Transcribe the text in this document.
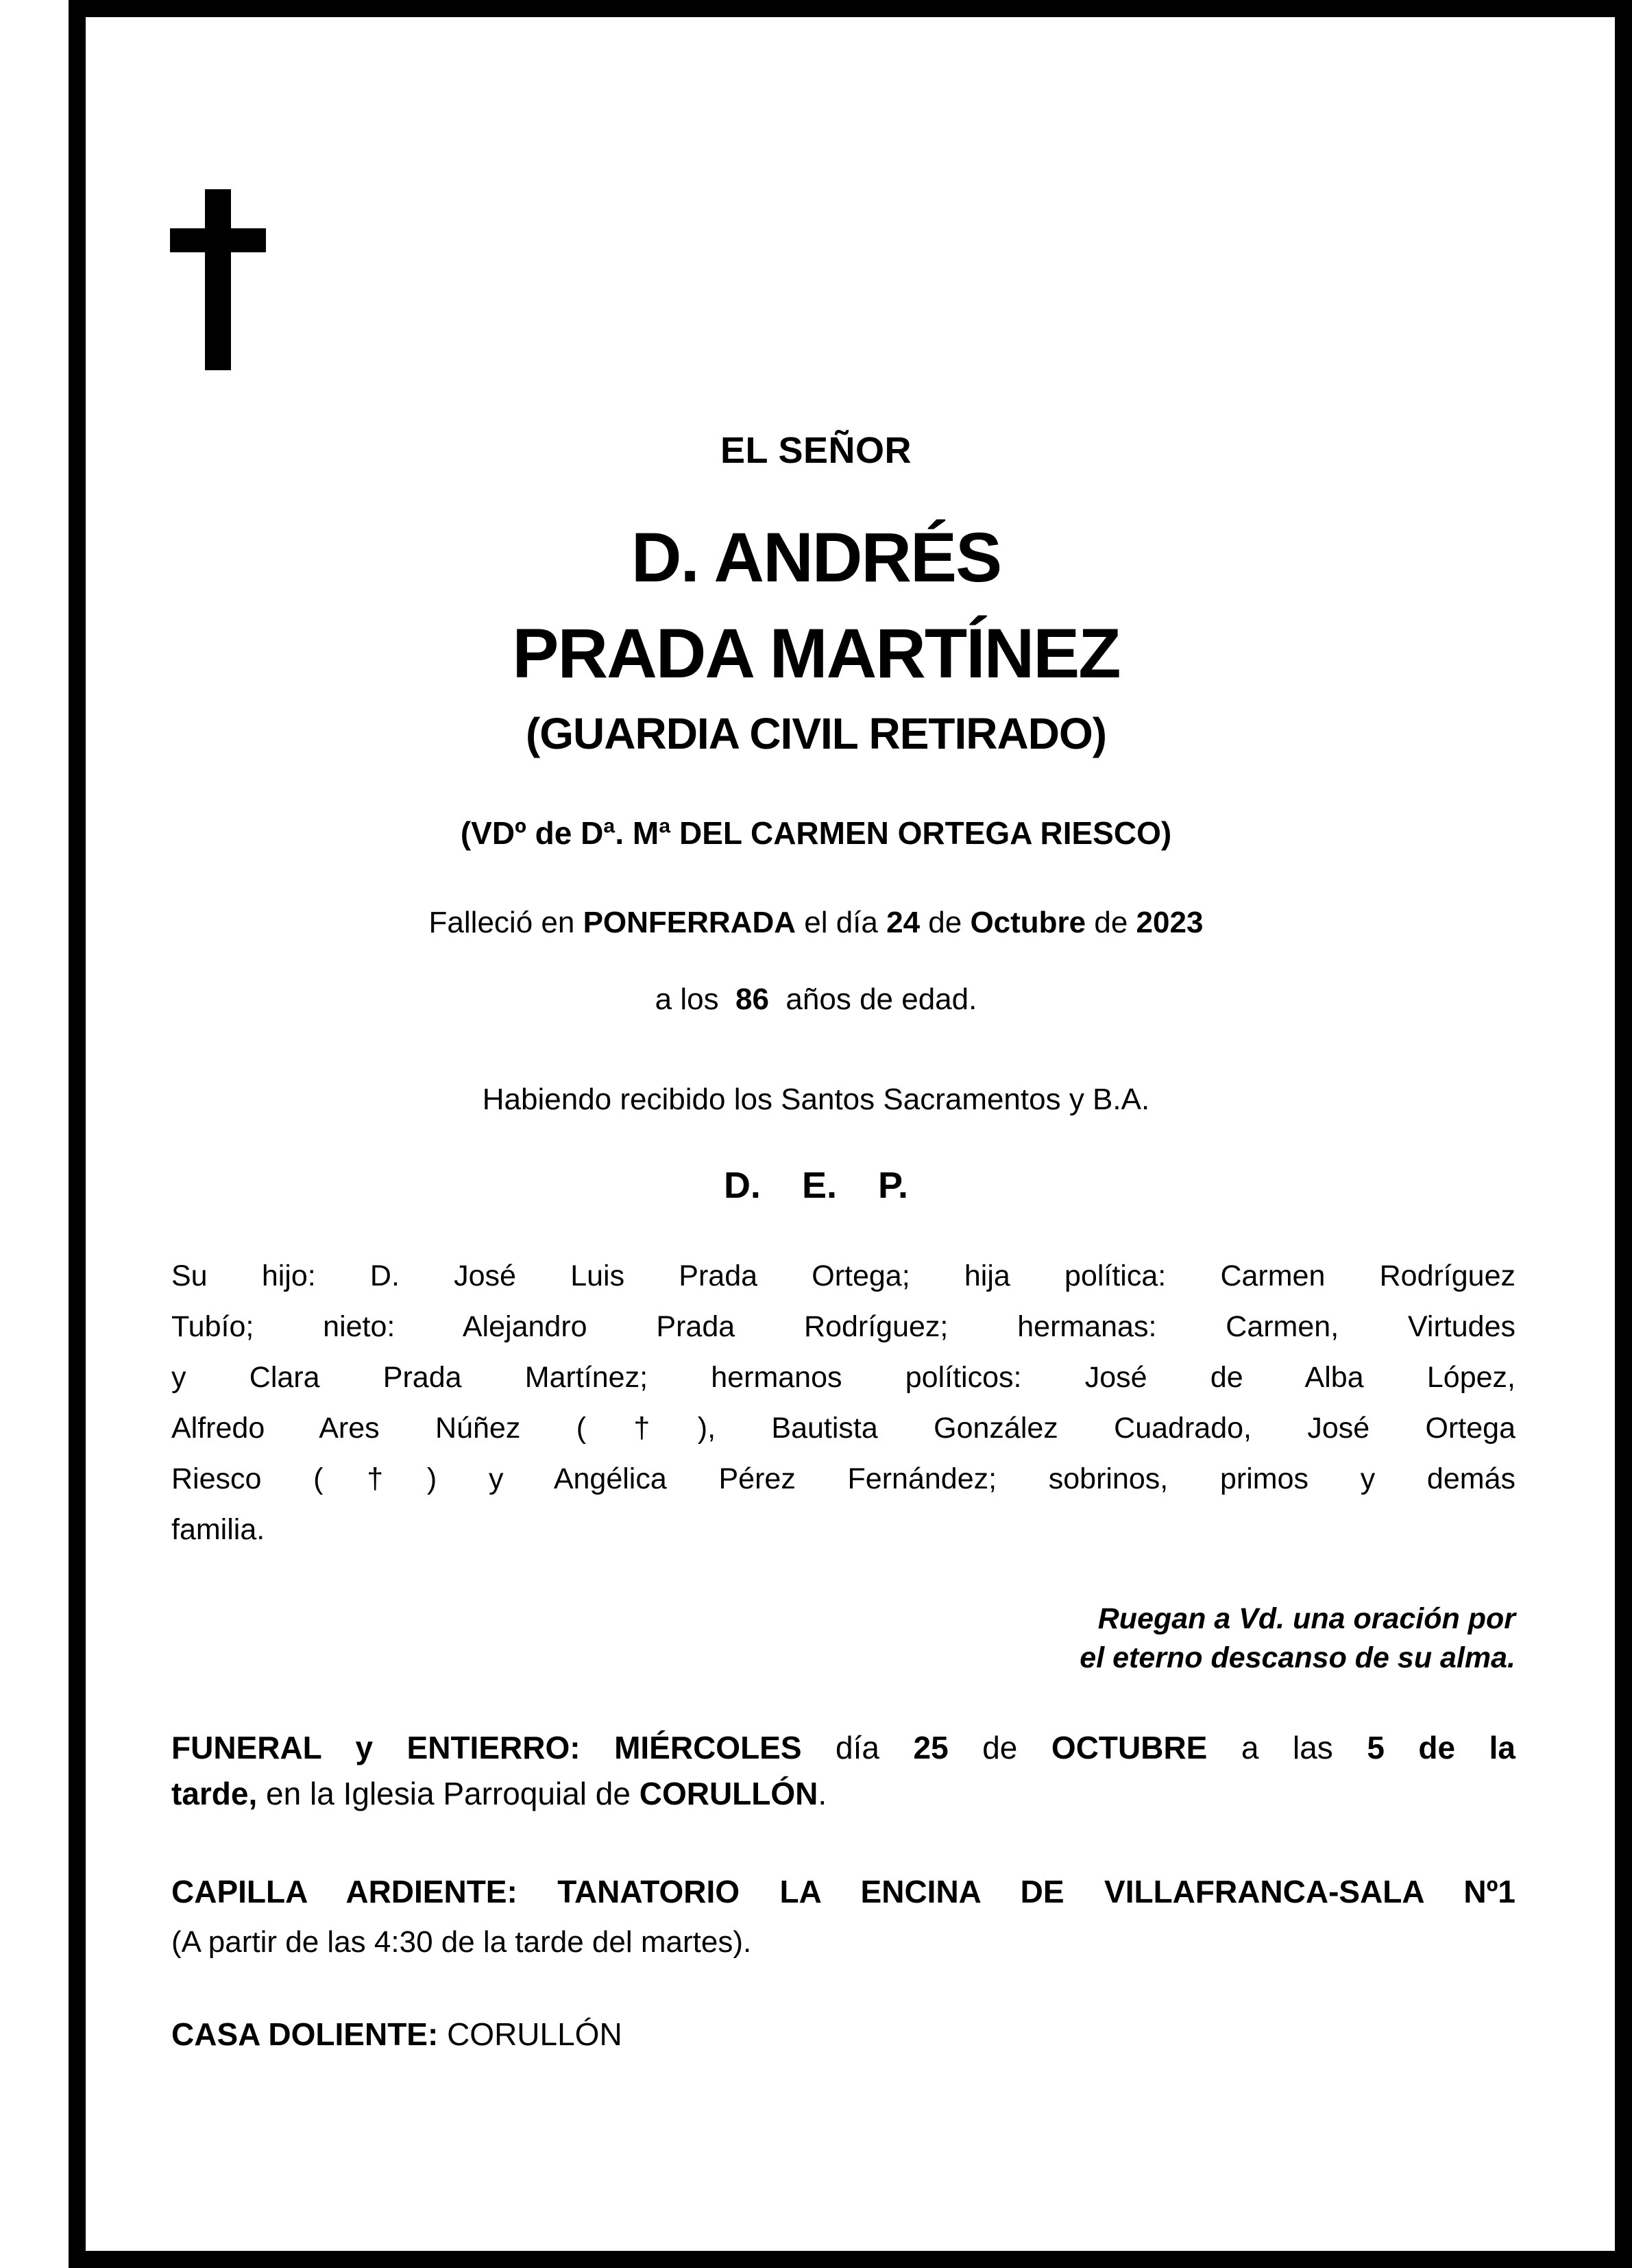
EL SEÑOR
D. ANDRÉS
PRADA MARTÍNEZ
(GUARDIA CIVIL RETIRADO)
(VDº de Dª. Mª DEL CARMEN ORTEGA RIESCO)
Falleció en PONFERRADA el día 24 de Octubre de 2023
a los  86  años de edad.
Habiendo recibido los Santos Sacramentos y B.A.
D.    E.    P.
Su hijo: D. José Luis Prada Ortega; hija política: Carmen Rodríguez
Tubío; nieto: Alejandro Prada Rodríguez; hermanas: Carmen, Virtudes
y Clara Prada Martínez; hermanos políticos: José de Alba López,
Alfredo Ares Núñez (†), Bautista González Cuadrado, José Ortega
Riesco (†) y Angélica Pérez Fernández; sobrinos, primos y demás
familia.
Ruegan a Vd. una oración por
el eterno descanso de su alma.
FUNERAL y ENTIERRO: MIÉRCOLES día 25 de OCTUBRE a las 5 de la
tarde, en la Iglesia Parroquial de CORULLÓN.
CAPILLA ARDIENTE: TANATORIO LA ENCINA DE VILLAFRANCA-SALA Nº1
(A partir de las 4:30 de la tarde del martes).
CASA DOLIENTE: CORULLÓN
